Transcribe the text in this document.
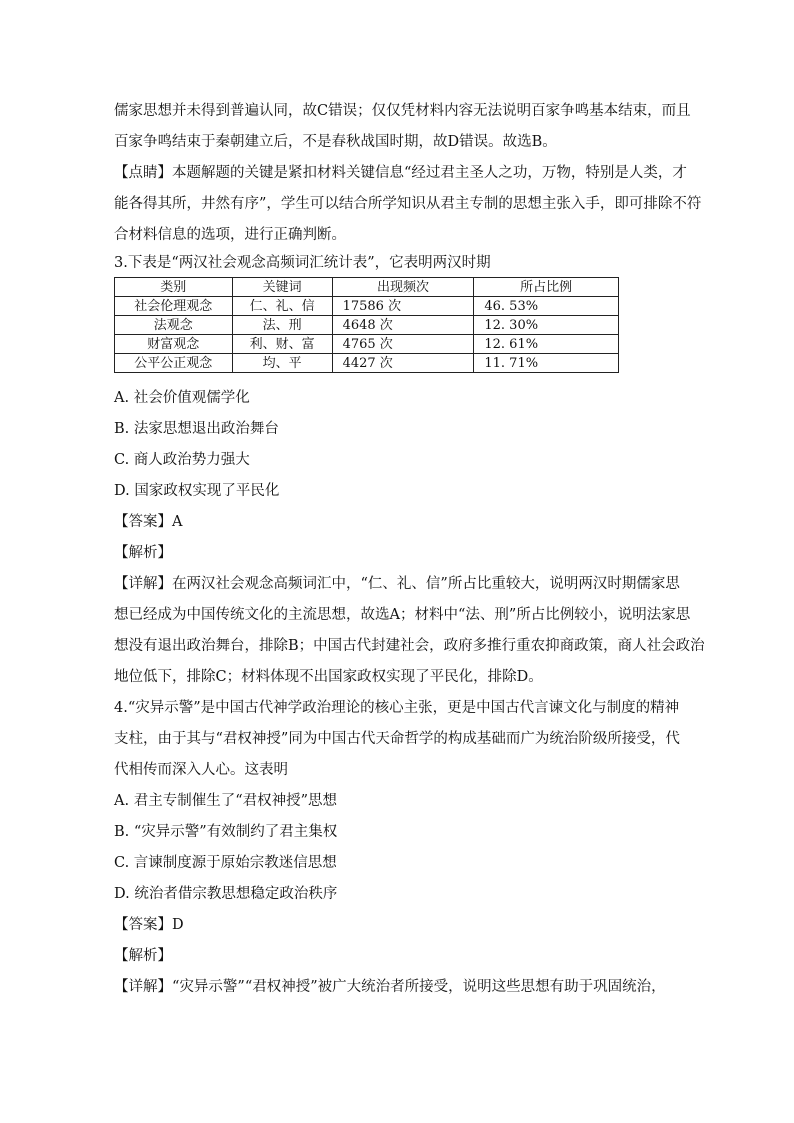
儒家思想并未得到普遍认同，故C错误；仅仅凭材料内容无法说明百家争鸣基本结束，而且
百家争鸣结束于秦朝建立后，不是春秋战国时期，故D错误。故选B。
【点睛】本题解题的关键是紧扣材料关键信息“经过君主圣人之功，万物，特别是人类，才
能各得其所，井然有序”，学生可以结合所学知识从君主专制的思想主张入手，即可排除不符
合材料信息的选项，进行正确判断。
3.下表是“两汉社会观念高频词汇统计表”，它表明两汉时期
类别	关键词	出现频次	所占比例
社会伦理观念	仁、礼、信	17586 次	46. 53%
法观念	法、刑	4648 次	12. 30%
财富观念	利、财、富	4765 次	12. 61%
公平公正观念	均、平	4427 次	11. 71%
A. 社会价值观儒学化
B. 法家思想退出政治舞台
C. 商人政治势力强大
D. 国家政权实现了平民化
【答案】A
【解析】
【详解】在两汉社会观念高频词汇中，“仁、礼、信”所占比重较大，说明两汉时期儒家思
想已经成为中国传统文化的主流思想，故选A；材料中“法、刑”所占比例较小，说明法家思
想没有退出政治舞台，排除B；中国古代封建社会，政府多推行重农抑商政策，商人社会政治
地位低下，排除C；材料体现不出国家政权实现了平民化，排除D。
4.“灾异示警”是中国古代神学政治理论的核心主张，更是中国古代言谏文化与制度的精神
支柱，由于其与“君权神授”同为中国古代天命哲学的构成基础而广为统治阶级所接受，代
代相传而深入人心。这表明
A. 君主专制催生了“君权神授”思想
B. “灾异示警”有效制约了君主集权
C. 言谏制度源于原始宗教迷信思想
D. 统治者借宗教思想稳定政治秩序
【答案】D
【解析】
【详解】“灾异示警”“君权神授”被广大统治者所接受，说明这些思想有助于巩固统治，
